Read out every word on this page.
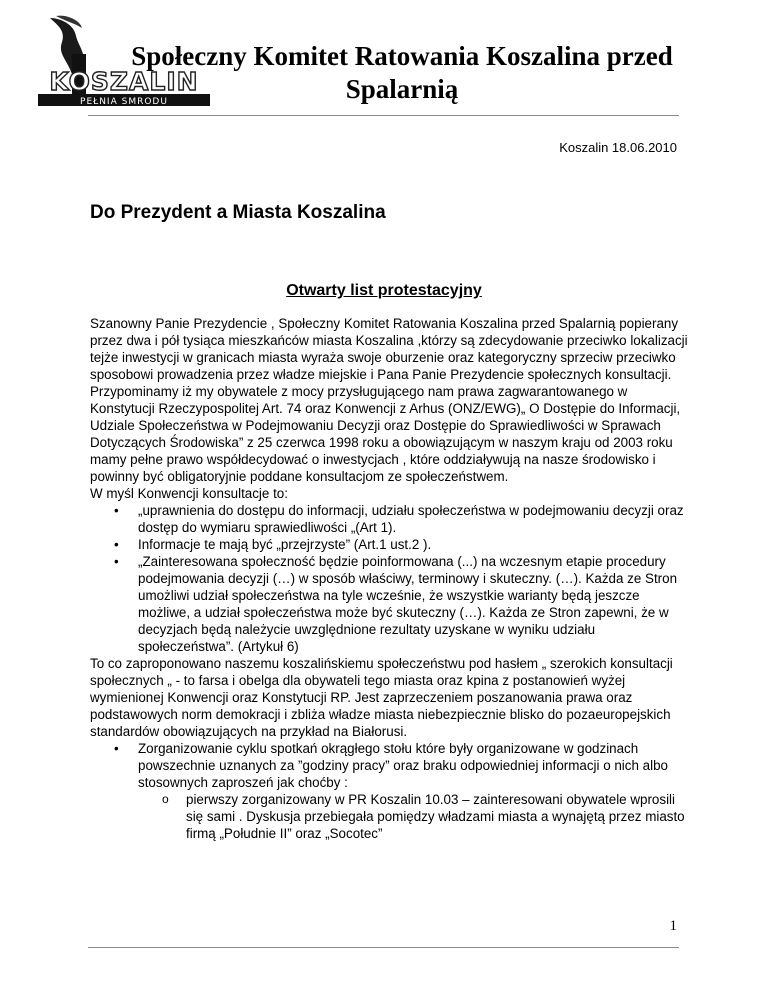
PEŁNIA SMRODU
KOSZALIN
Społeczny Komitet Ratowania Koszalina przed Spalarnią
Koszalin 18.06.2010
Do Prezydent a Miasta Koszalina
Otwarty list protestacyjny

Szanowny Panie Prezydencie , Społeczny Komitet Ratowania Koszalina przed Spalarnią popierany przez dwa i pół tysiąca mieszkańców miasta Koszalina ,którzy są zdecydowanie przeciwko lokalizacji tejże inwestycji w granicach miasta wyraża swoje oburzenie oraz kategoryczny sprzeciw przeciwko sposobowi prowadzenia przez władze miejskie i Pana Panie Prezydencie społecznych konsultacji. Przypominamy iż my obywatele z mocy przysługującego nam prawa zagwarantowanego w Konstytucji Rzeczypospolitej Art. 74 oraz Konwencji z Arhus (ONZ/EWG)„ O Dostępie do Informacji, Udziale Społeczeństwa w Podejmowaniu Decyzji oraz Dostępie do Sprawiedliwości w Sprawach Dotyczących Środowiska” z 25 czerwca 1998 roku a obowiązującym w naszym kraju od 2003 roku mamy pełne prawo współdecydować o inwestycjach , które oddziaływują na nasze środowisko i powinny być obligatoryjnie poddane konsultacjom ze społeczeństwem.

W myśl Konwencji konsultacje to:

• „uprawnienia do dostępu do informacji, udziału społeczeństwa w podejmowaniu decyzji oraz dostęp do wymiaru sprawiedliwości „(Art 1).
• Informacje te mają być „przejrzyste” (Art.1 ust.2 ).
• „Zainteresowana społeczność będzie poinformowana (...) na wczesnym etapie procedury podejmowania decyzji (…) w sposób właściwy, terminowy i skuteczny. (…). Każda ze Stron umożliwi udział społeczeństwa na tyle wcześnie, że wszystkie warianty będą jeszcze możliwe, a udział społeczeństwa może być skuteczny (…). Każda ze Stron zapewni, że w decyzjach będą należycie uwzględnione rezultaty uzyskane w wyniku udziału społeczeństwa”. (Artykuł 6)

To co zaproponowano naszemu koszalińskiemu społeczeństwu pod hasłem „ szerokich konsultacji społecznych „ - to farsa i obelga dla obywateli tego miasta oraz kpina z postanowień wyżej wymienionej Konwencji oraz Konstytucji RP. Jest zaprzeczeniem poszanowania prawa oraz podstawowych norm demokracji i zbliża władze miasta niebezpiecznie blisko do pozaeuropejskich standardów obowiązujących na przykład na Białorusi.

• Zorganizowanie cyklu spotkań okrągłego stołu które były organizowane w godzinach powszechnie uznanych za ”godziny pracy” oraz braku odpowiedniej informacji o nich albo stosownych zaproszeń jak choćby :
o pierwszy zorganizowany w PR Koszalin 10.03 – zainteresowani obywatele wprosili się sami . Dyskusja przebiegała pomiędzy władzami miasta a wynajętą przez miasto firmą „Południe II” oraz „Socotec”
1
